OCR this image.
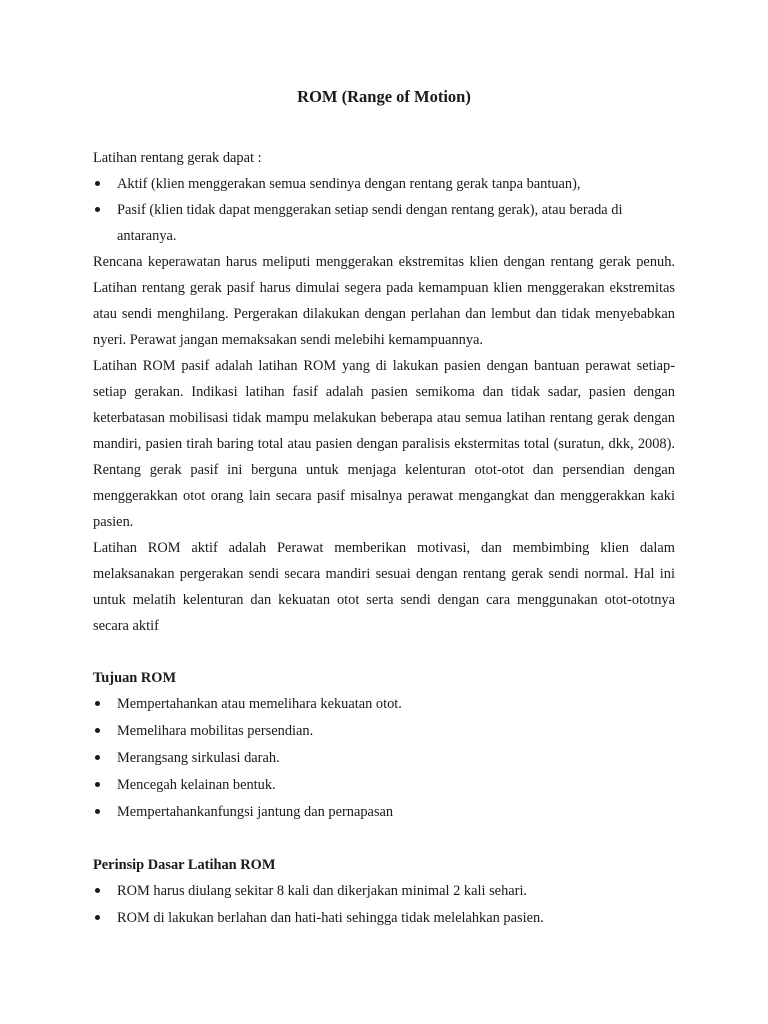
ROM (Range of Motion)

Latihan rentang gerak dapat :

Aktif (klien menggerakan semua sendinya dengan rentang gerak tanpa bantuan),
Pasif (klien tidak dapat menggerakan setiap sendi dengan rentang gerak), atau berada di antaranya.

Rencana keperawatan harus meliputi menggerakan ekstremitas klien dengan rentang gerak penuh. Latihan rentang gerak pasif harus dimulai segera pada kemampuan klien menggerakan ekstremitas atau sendi menghilang. Pergerakan dilakukan dengan perlahan dan lembut dan tidak menyebabkan nyeri. Perawat jangan memaksakan sendi melebihi kemampuannya.

Latihan ROM pasif adalah latihan ROM yang di lakukan pasien dengan bantuan perawat setiap-setiap gerakan. Indikasi latihan fasif adalah pasien semikoma dan tidak sadar, pasien dengan keterbatasan mobilisasi tidak mampu melakukan beberapa atau semua latihan rentang gerak dengan mandiri, pasien tirah baring total atau pasien dengan paralisis ekstermitas total (suratun, dkk, 2008). Rentang gerak pasif ini berguna untuk menjaga kelenturan otot-otot dan persendian dengan menggerakkan otot orang lain secara pasif misalnya perawat mengangkat dan menggerakkan kaki pasien.

Latihan ROM aktif adalah Perawat memberikan motivasi, dan membimbing klien dalam melaksanakan pergerakan sendi secara mandiri sesuai dengan rentang gerak sendi normal. Hal ini untuk melatih kelenturan dan kekuatan otot serta sendi dengan cara menggunakan otot-ototnya secara aktif

Tujuan ROM

Mempertahankan atau memelihara kekuatan otot.
Memelihara mobilitas persendian.
Merangsang sirkulasi darah.
Mencegah kelainan bentuk.
Mempertahankanfungsi jantung dan pernapasan

Perinsip Dasar Latihan ROM

ROM harus diulang sekitar 8 kali dan dikerjakan minimal 2 kali sehari.
ROM di lakukan berlahan dan hati-hati sehingga tidak melelahkan pasien.
